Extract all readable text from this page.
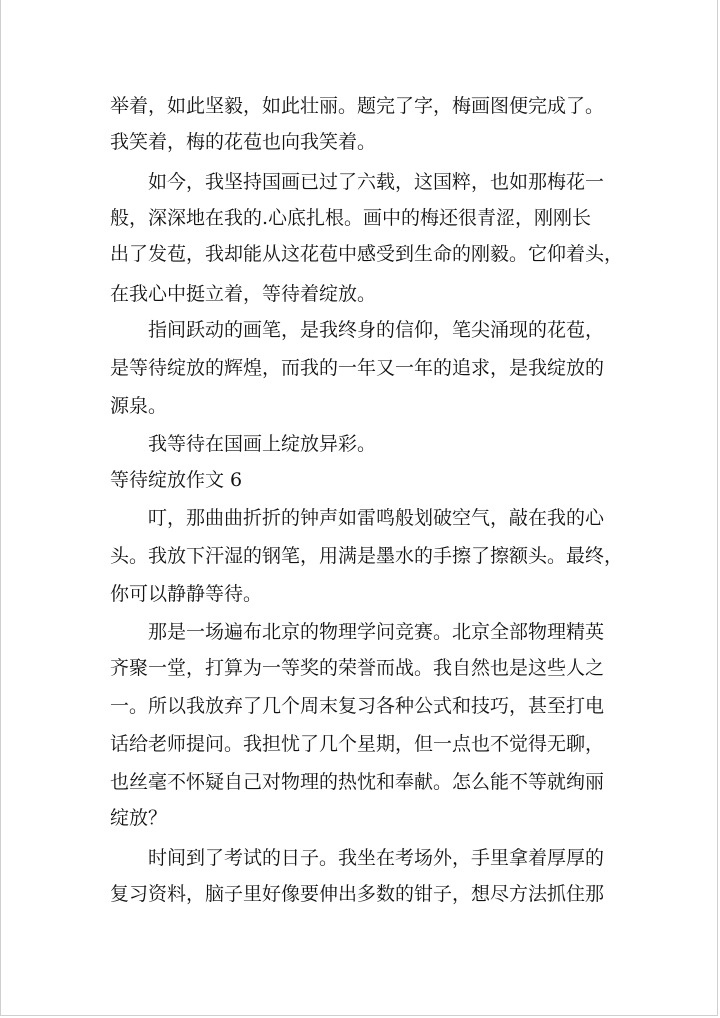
举着，如此坚毅，如此壮丽。题完了字，梅画图便完成了。
我笑着，梅的花苞也向我笑着。
如今，我坚持国画已过了六载，这国粹，也如那梅花一
般，深深地在我的.心底扎根。画中的梅还很青涩，刚刚长
出了发苞，我却能从这花苞中感受到生命的刚毅。它仰着头，
在我心中挺立着，等待着绽放。
指间跃动的画笔，是我终身的信仰，笔尖涌现的花苞，
是等待绽放的辉煌，而我的一年又一年的追求，是我绽放的
源泉。
我等待在国画上绽放异彩。
等待绽放作文 6
叮，那曲曲折折的钟声如雷鸣般划破空气，敲在我的心
头。我放下汗湿的钢笔，用满是墨水的手擦了擦额头。最终，
你可以静静等待。
那是一场遍布北京的物理学问竞赛。北京全部物理精英
齐聚一堂，打算为一等奖的荣誉而战。我自然也是这些人之
一。所以我放弃了几个周末复习各种公式和技巧，甚至打电
话给老师提问。我担忧了几个星期，但一点也不觉得无聊，
也丝毫不怀疑自己对物理的热忱和奉献。怎么能不等就绚丽
绽放？
时间到了考试的日子。我坐在考场外，手里拿着厚厚的
复习资料，脑子里好像要伸出多数的钳子，想尽方法抓住那
